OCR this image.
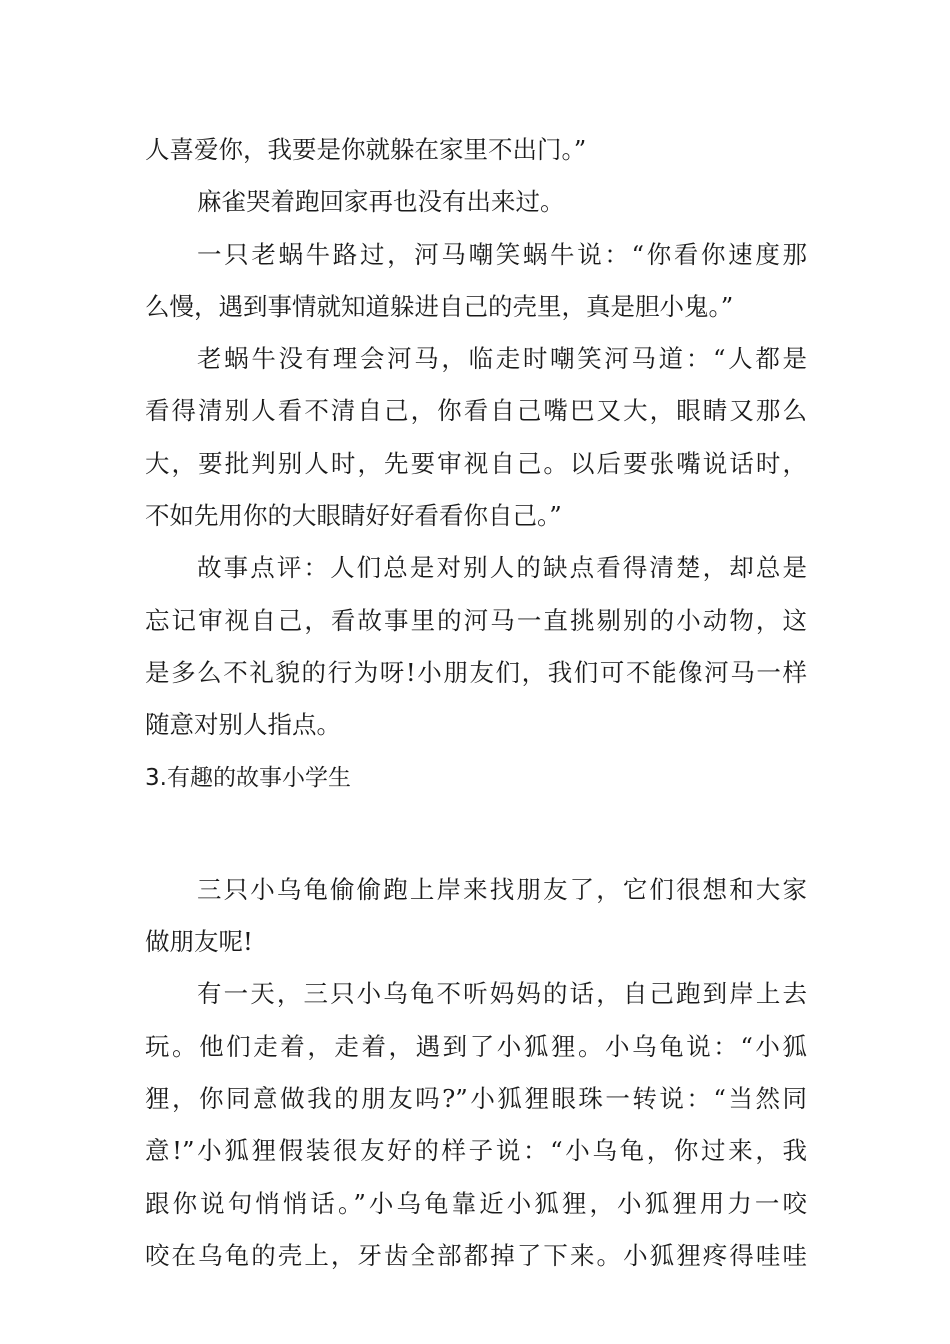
人喜爱你，我要是你就躲在家里不出门。”
麻雀哭着跑回家再也没有出来过。
一只老蜗牛路过，河马嘲笑蜗牛说：“你看你速度那
么慢，遇到事情就知道躲进自己的壳里，真是胆小鬼。”
老蜗牛没有理会河马，临走时嘲笑河马道：“人都是
看得清别人看不清自己，你看自己嘴巴又大，眼睛又那么
大，要批判别人时，先要审视自己。以后要张嘴说话时，
不如先用你的大眼睛好好看看你自己。”
故事点评：人们总是对别人的缺点看得清楚，却总是
忘记审视自己，看故事里的河马一直挑剔别的小动物，这
是多么不礼貌的行为呀!小朋友们，我们可不能像河马一样
随意对别人指点。
3.有趣的故事小学生
三只小乌龟偷偷跑上岸来找朋友了，它们很想和大家
做朋友呢!
有一天，三只小乌龟不听妈妈的话，自己跑到岸上去
玩。他们走着，走着，遇到了小狐狸。小乌龟说：“小狐
狸，你同意做我的朋友吗?”小狐狸眼珠一转说：“当然同
意!”小狐狸假装很友好的样子说：“小乌龟，你过来，我
跟你说句悄悄话。”小乌龟靠近小狐狸，小狐狸用力一咬
咬在乌龟的壳上，牙齿全部都掉了下来。小狐狸疼得哇哇
